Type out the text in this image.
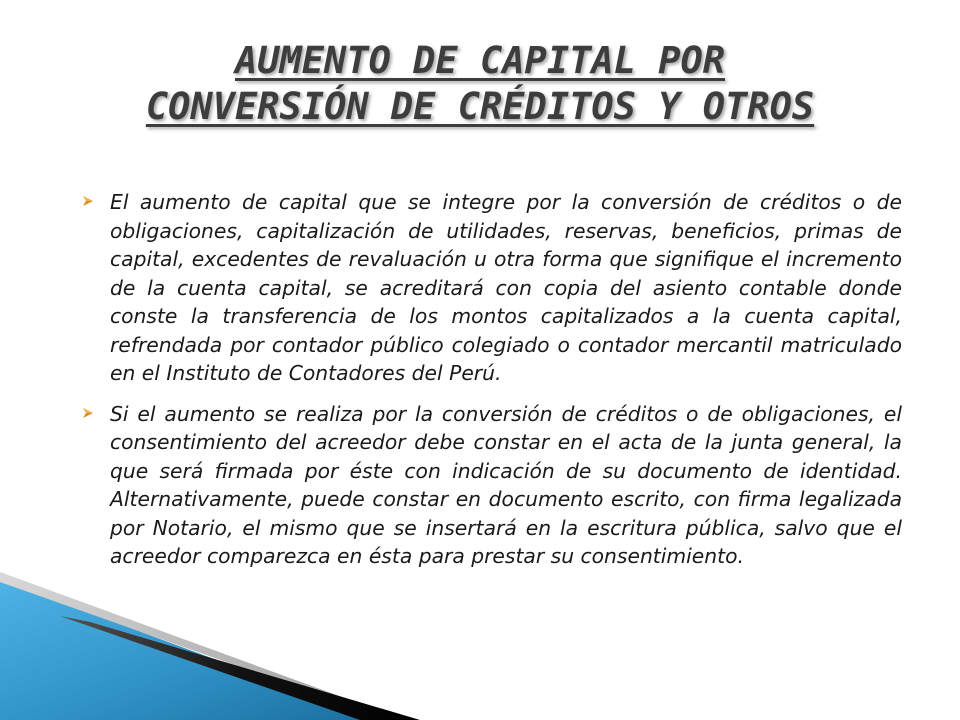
AUMENTO DE CAPITAL POR
CONVERSIÓN DE CRÉDITOS Y OTROS
El aumento de capital que se integre por la conversión de créditos o de obligaciones, capitalización de utilidades, reservas, beneficios, primas de capital, excedentes de revaluación u otra forma que signifique el incremento de la cuenta capital, se acreditará con copia del asiento contable donde conste la transferencia de los montos capitalizados a la cuenta capital, refrendada por contador público colegiado o contador mercantil matriculado en el Instituto de Contadores del Perú.
Si el aumento se realiza por la conversión de créditos o de obligaciones, el consentimiento del acreedor debe constar en el acta de la junta general, la que será firmada por éste con indicación de su documento de identidad. Alternativamente, puede constar en documento escrito, con firma legalizada por Notario, el mismo que se insertará en la escritura pública, salvo que el acreedor comparezca en ésta para prestar su consentimiento.
